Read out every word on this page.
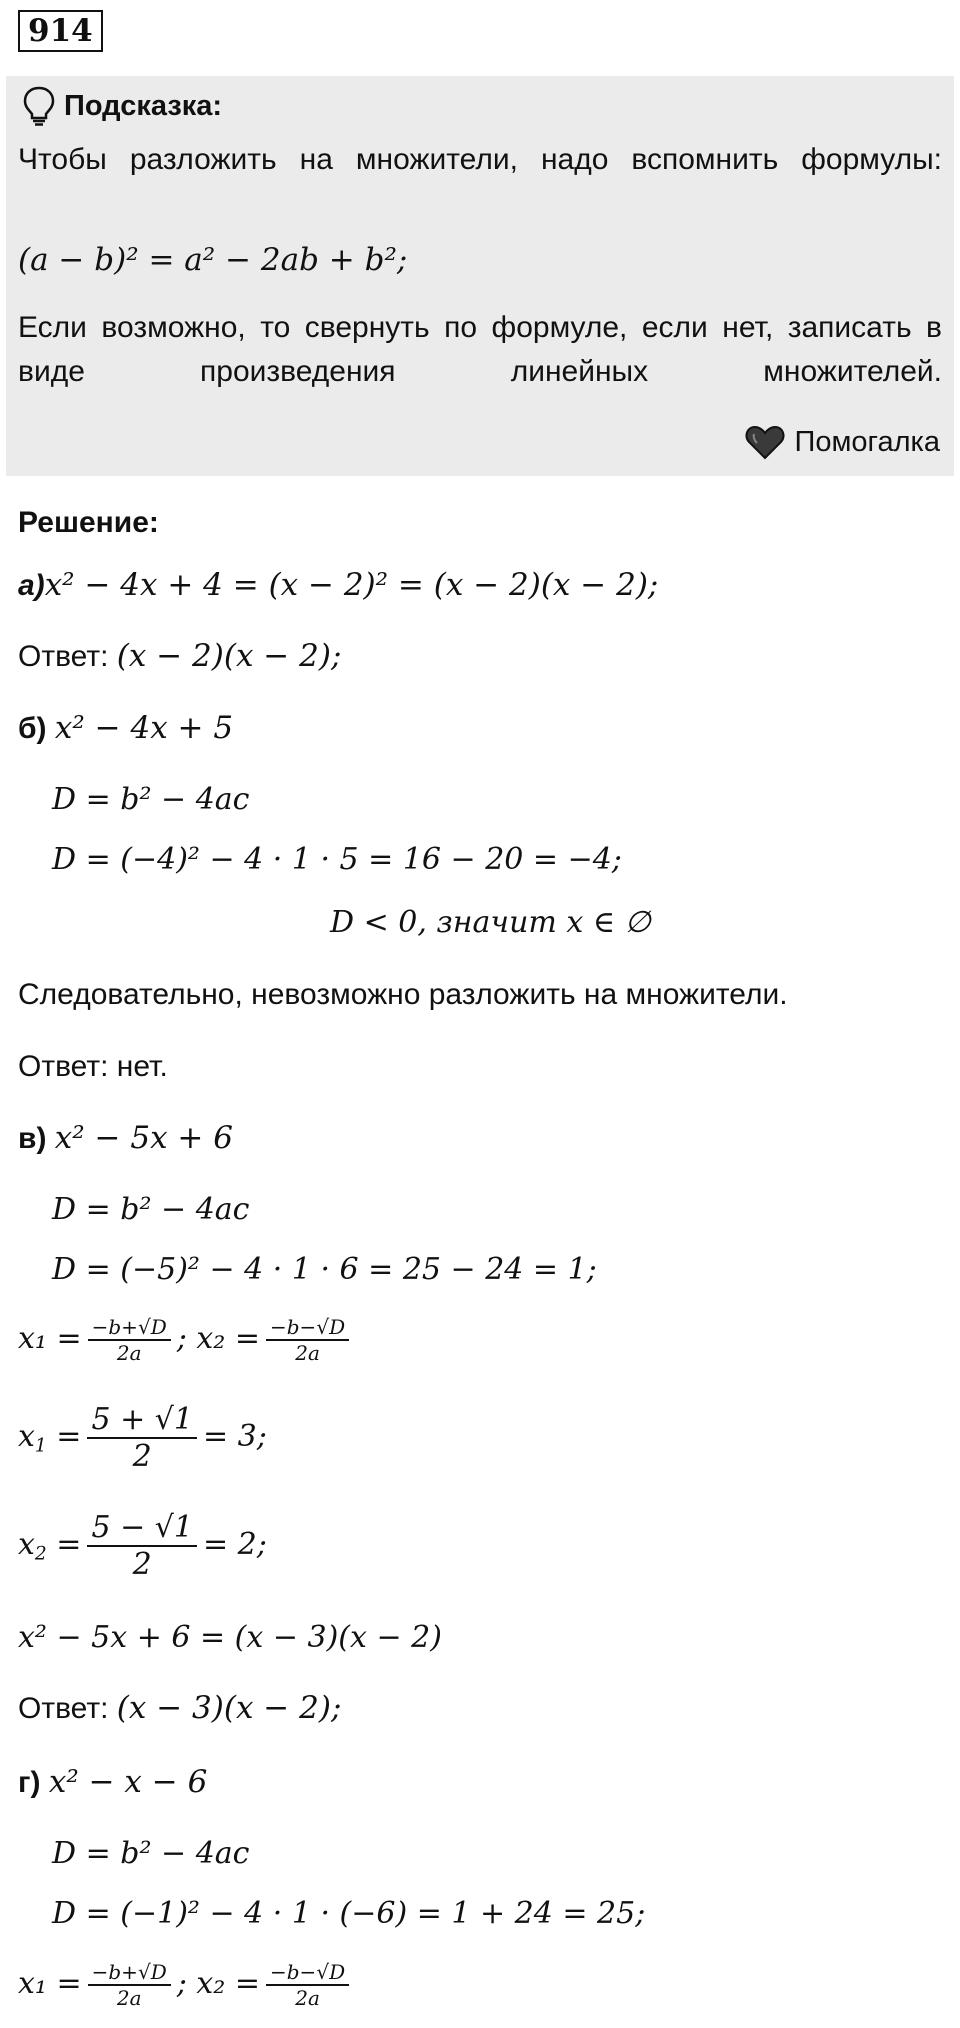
914
Подсказка:
Чтобы разложить на множители, надо вспомнить формулы:
(a − b)² = a² − 2ab + b²;
Если возможно, то свернуть по формуле, если нет, записать в виде произведения линейных множителей.
Помогалка
Решение:
а)x² − 4x + 4 = (x − 2)² = (x − 2)(x − 2);
Ответ: (x − 2)(x − 2);
б) x² − 4x + 5
D = b² − 4ac
D = (−4)² − 4 · 1 · 5 = 16 − 20 = −4;
D < 0, значит x ∈ ∅
Следовательно, невозможно разложить на множители.
Ответ: нет.
в) x² − 5x + 6
D = b² − 4ac
D = (−5)² − 4 · 1 · 6 = 25 − 24 = 1;
$x_1 = \frac{-b+√D}{2a}$ ; $x_2 = \frac{-b-√D}{2a}$
$x_1 = \frac{5 + √1}{2} = 3$;
$x_2 = \frac{5 - √1}{2} = 2$;
x² − 5x + 6 = (x − 3)(x − 2)
Ответ: (x − 3)(x − 2);
г) x² − x − 6
D = b² − 4ac
D = (−1)² − 4 · 1 · (−6) = 1 + 24 = 25;
$x_1 = \frac{-b+√D}{2a}$ ; $x_2 = \frac{-b-√D}{2a}$
